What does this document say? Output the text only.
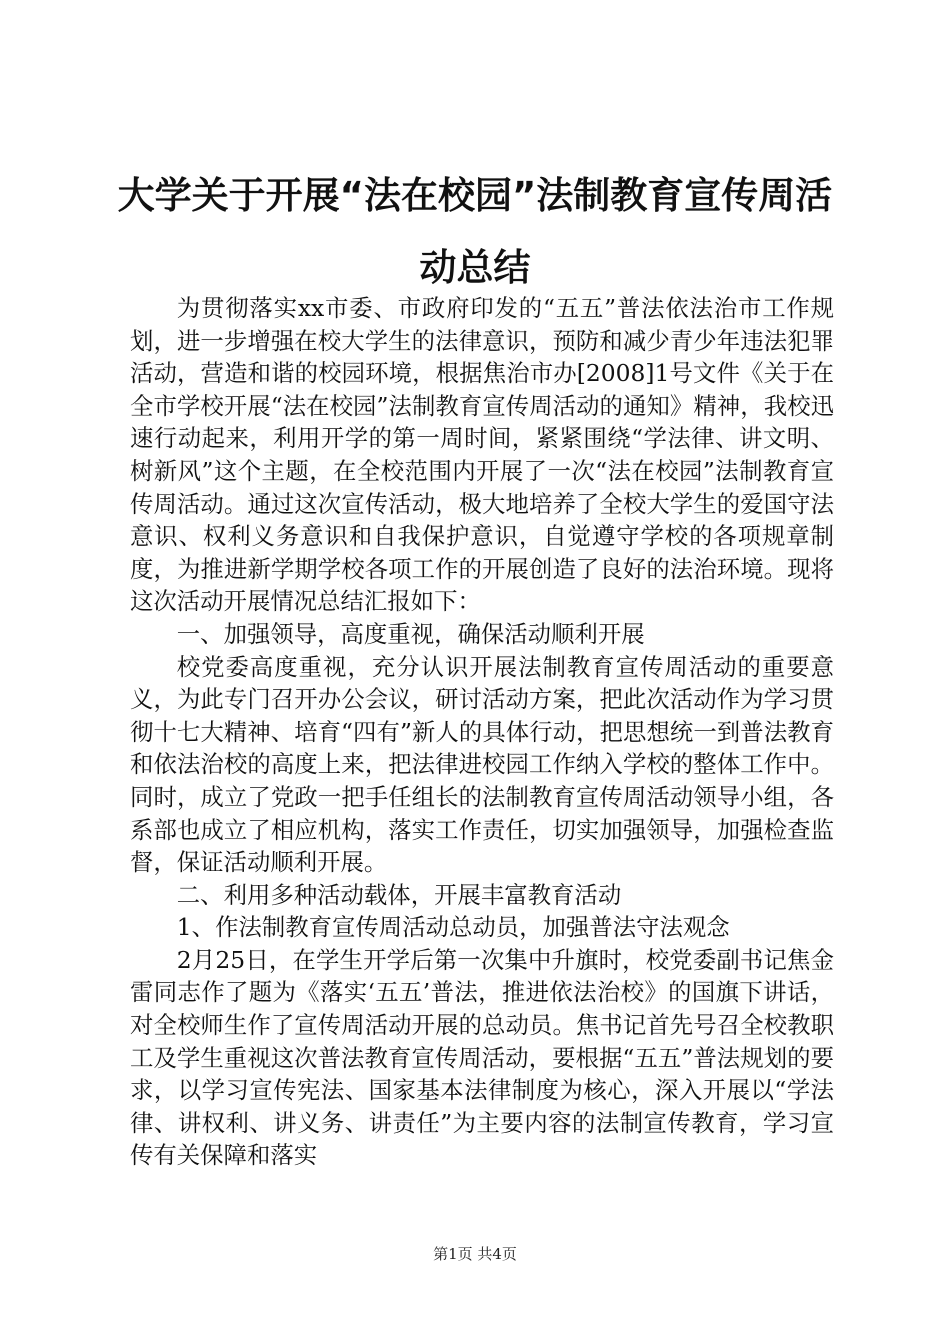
大学关于开展“法在校园”法制教育宣传周活动总结

为贯彻落实xx市委、市政府印发的“五五”普法依法治市工作规划，进一步增强在校大学生的法律意识，预防和减少青少年违法犯罪活动，营造和谐的校园环境，根据焦治市办[2008]1号文件《关于在全市学校开展“法在校园”法制教育宣传周活动的通知》精神，我校迅速行动起来，利用开学的第一周时间，紧紧围绕“学法律、讲文明、树新风”这个主题，在全校范围内开展了一次“法在校园”法制教育宣传周活动。通过这次宣传活动，极大地培养了全校大学生的爱国守法意识、权利义务意识和自我保护意识，自觉遵守学校的各项规章制度，为推进新学期学校各项工作的开展创造了良好的法治环境。现将这次活动开展情况总结汇报如下：

一、加强领导，高度重视，确保活动顺利开展

校党委高度重视，充分认识开展法制教育宣传周活动的重要意义，为此专门召开办公会议，研讨活动方案，把此次活动作为学习贯彻十七大精神、培育“四有”新人的具体行动，把思想统一到普法教育和依法治校的高度上来，把法律进校园工作纳入学校的整体工作中。同时，成立了党政一把手任组长的法制教育宣传周活动领导小组，各系部也成立了相应机构，落实工作责任，切实加强领导，加强检查监督，保证活动顺利开展。

二、利用多种活动载体，开展丰富教育活动

1、作法制教育宣传周活动总动员，加强普法守法观念

2月25日，在学生开学后第一次集中升旗时，校党委副书记焦金雷同志作了题为《落实‘五五’普法，推进依法治校》的国旗下讲话，对全校师生作了宣传周活动开展的总动员。焦书记首先号召全校教职工及学生重视这次普法教育宣传周活动，要根据“五五”普法规划的要求，以学习宣传宪法、国家基本法律制度为核心，深入开展以“学法律、讲权利、讲义务、讲责任”为主要内容的法制宣传教育，学习宣传有关保障和落实

第1页 共4页
